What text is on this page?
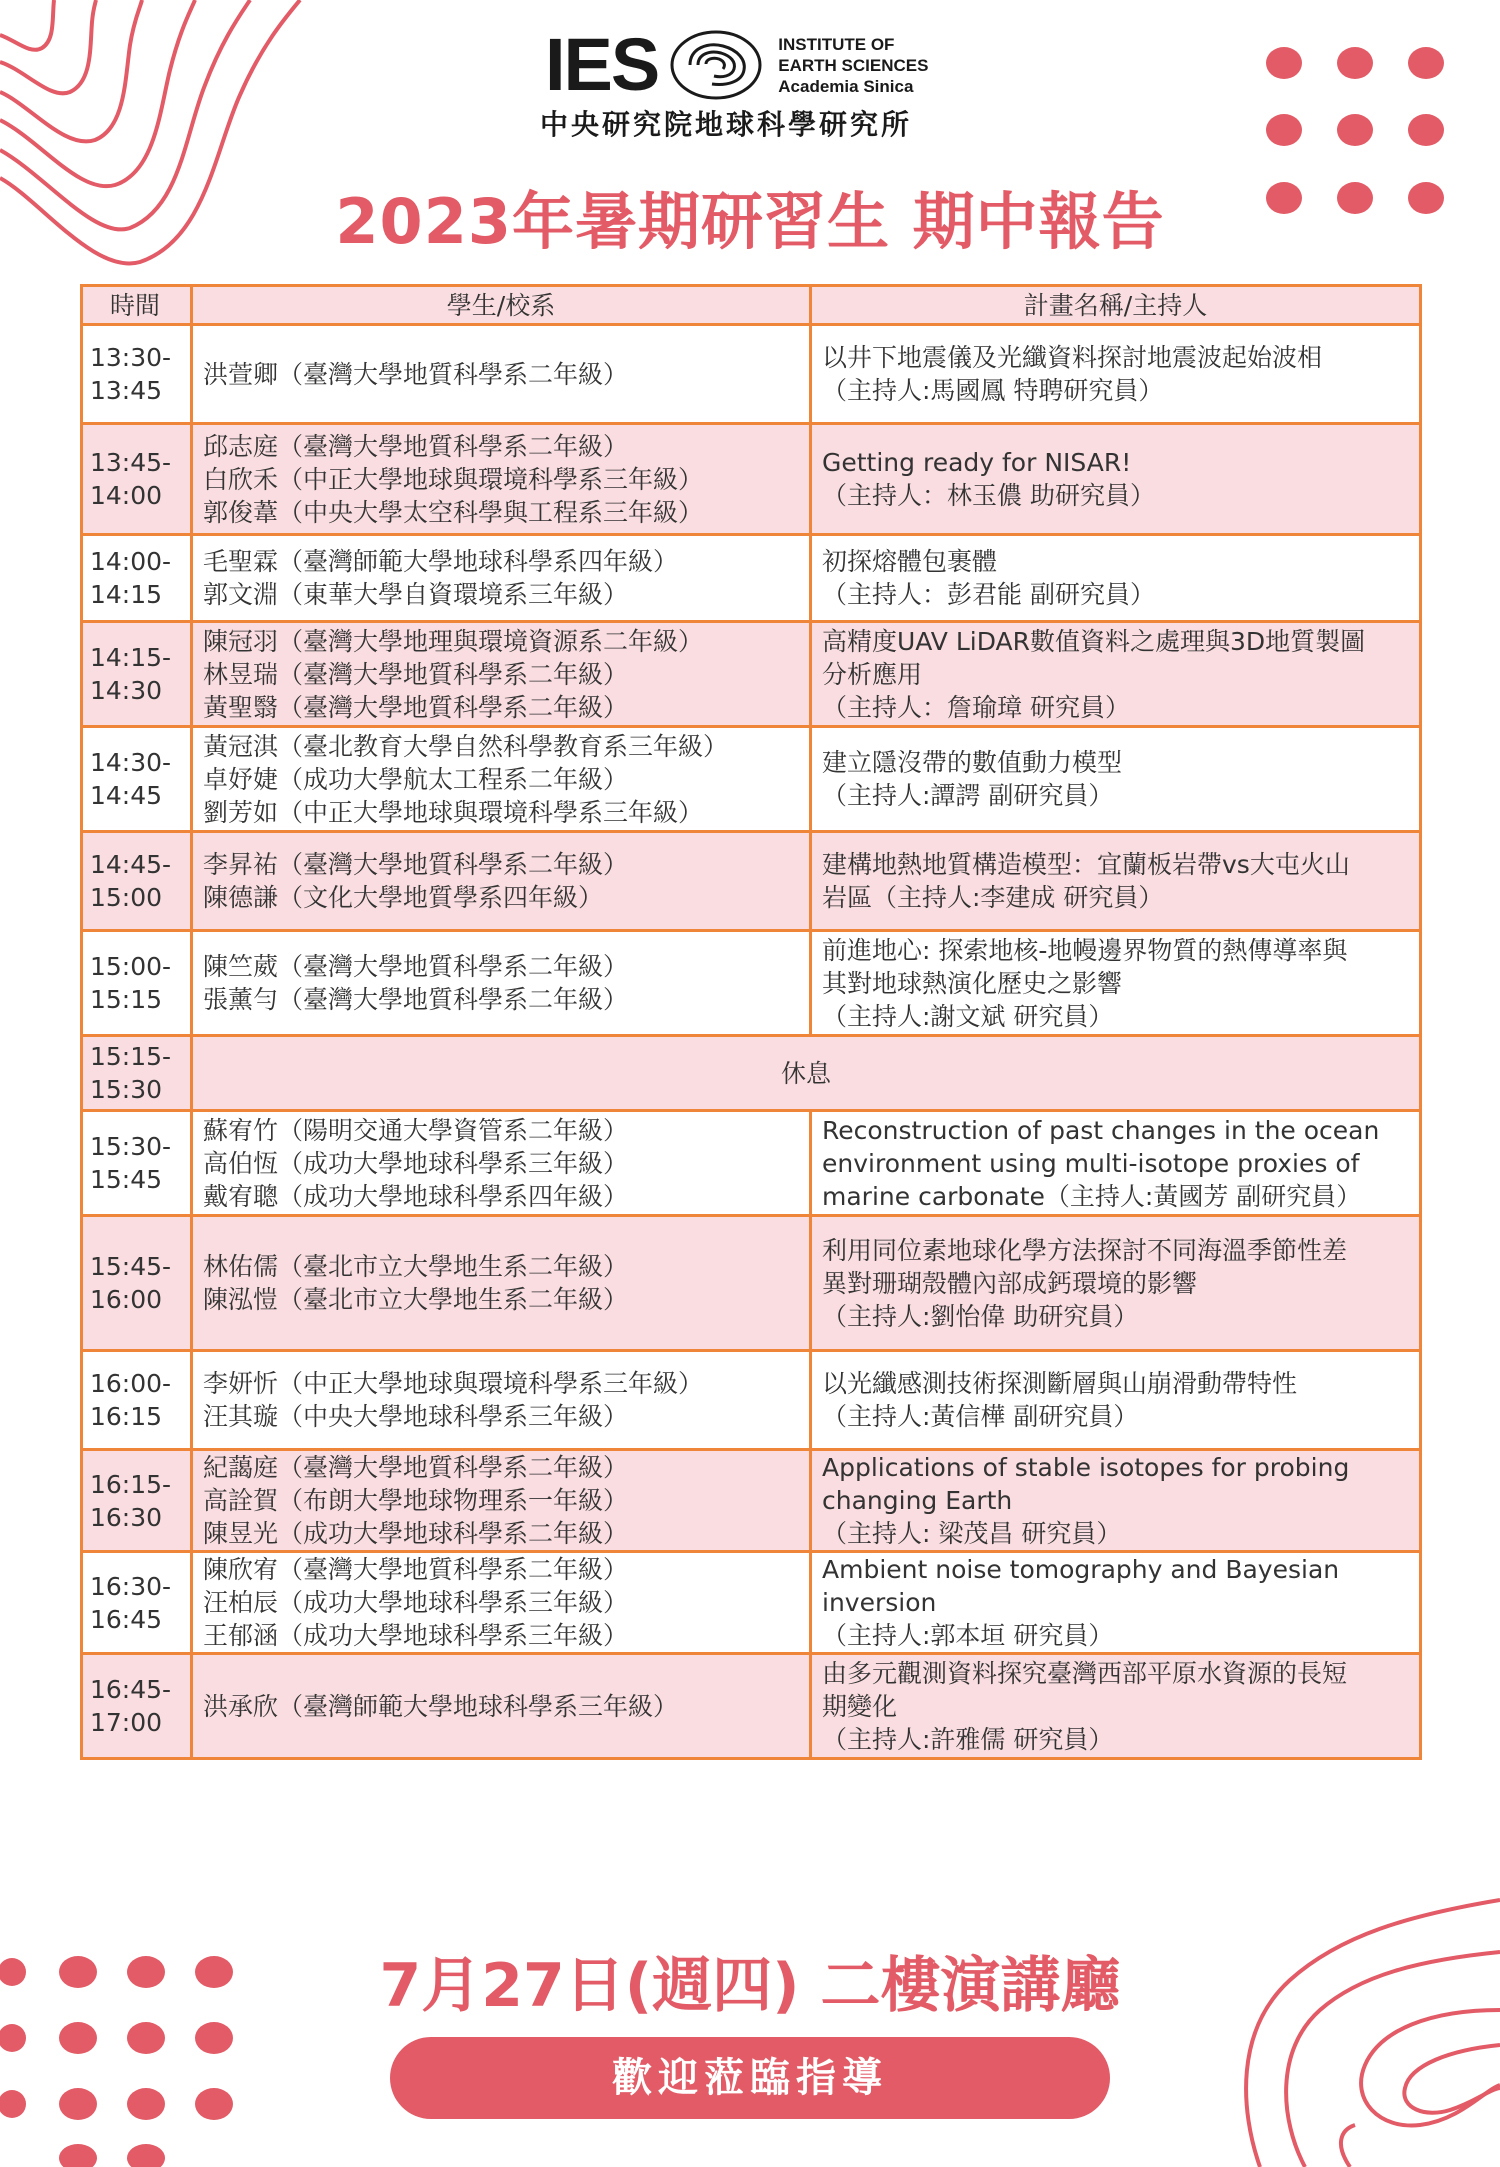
IES	INSTITUTE OF
EARTH SCIENCES
Academia Sinica
中央研究院地球科學研究所
2023年暑期研習生 期中報告
時間	學生/校系	計畫名稱/主持人

13:30-
13:45	洪萱卿（臺灣大學地質科學系二年級）	以井下地震儀及光纖資料探討地震波起始波相
（主持人:馬國鳳 特聘研究員）

13:45-
14:00	邱志庭（臺灣大學地質科學系二年級）
白欣禾（中正大學地球與環境科學系三年級）
郭俊葦（中央大學太空科學與工程系三年級）	Getting ready for NISAR!
（主持人：林玉儂 助研究員）

14:00-
14:15	毛聖霖（臺灣師範大學地球科學系四年級）
郭文淵（東華大學自資環境系三年級）	初探熔體包裹體
（主持人：彭君能 副研究員）

14:15-
14:30	陳冠羽（臺灣大學地理與環境資源系二年級）
林昱瑞（臺灣大學地質科學系二年級）
黃聖翳（臺灣大學地質科學系二年級）	高精度UAV LiDAR數值資料之處理與3D地質製圖
分析應用
（主持人：詹瑜璋 研究員）

14:30-
14:45	黃冠淇（臺北教育大學自然科學教育系三年級）
卓妤婕（成功大學航太工程系二年級）
劉芳如（中正大學地球與環境科學系三年級）	建立隱沒帶的數值動力模型
（主持人:譚諤 副研究員）

14:45-
15:00	李昇祐（臺灣大學地質科學系二年級）
陳德謙（文化大學地質學系四年級）	建構地熱地質構造模型：宜蘭板岩帶vs大屯火山
岩區（主持人:李建成 研究員）

15:00-
15:15	陳竺葳（臺灣大學地質科學系二年級）
張薰勻（臺灣大學地質科學系二年級）	前進地心: 探索地核-地幔邊界物質的熱傳導率與
其對地球熱演化歷史之影響
（主持人:謝文斌 研究員）

15:15-
15:30	休息	

15:30-
15:45	蘇宥竹（陽明交通大學資管系二年級）
高伯恆（成功大學地球科學系三年級）
戴宥聰（成功大學地球科學系四年級）	Reconstruction of past changes in the ocean
environment using multi-isotope proxies of
marine carbonate（主持人:黃國芳 副研究員）

15:45-
16:00	林佑儒（臺北市立大學地生系二年級）
陳泓愷（臺北市立大學地生系二年級）	利用同位素地球化學方法探討不同海溫季節性差
異對珊瑚殼體內部成鈣環境的影響
（主持人:劉怡偉 助研究員）

16:00-
16:15	李妍忻（中正大學地球與環境科學系三年級）
汪其璇（中央大學地球科學系三年級）	以光纖感測技術探測斷層與山崩滑動帶特性
（主持人:黃信樺 副研究員）

16:15-
16:30	紀藹庭（臺灣大學地質科學系二年級）
高詮賀（布朗大學地球物理系一年級）
陳昱光（成功大學地球科學系二年級）	Applications of stable isotopes for probing
changing Earth
（主持人: 梁茂昌 研究員）

16:30-
16:45	陳欣宥（臺灣大學地質科學系二年級）
汪柏辰（成功大學地球科學系三年級）
王郁涵（成功大學地球科學系三年級）	Ambient noise tomography and Bayesian
inversion
（主持人:郭本垣 研究員）

16:45-
17:00	洪承欣（臺灣師範大學地球科學系三年級）	由多元觀測資料探究臺灣西部平原水資源的長短
期變化
（主持人:許雅儒 研究員）
7月27日(週四) 二樓演講廳
歡迎蒞臨指導
